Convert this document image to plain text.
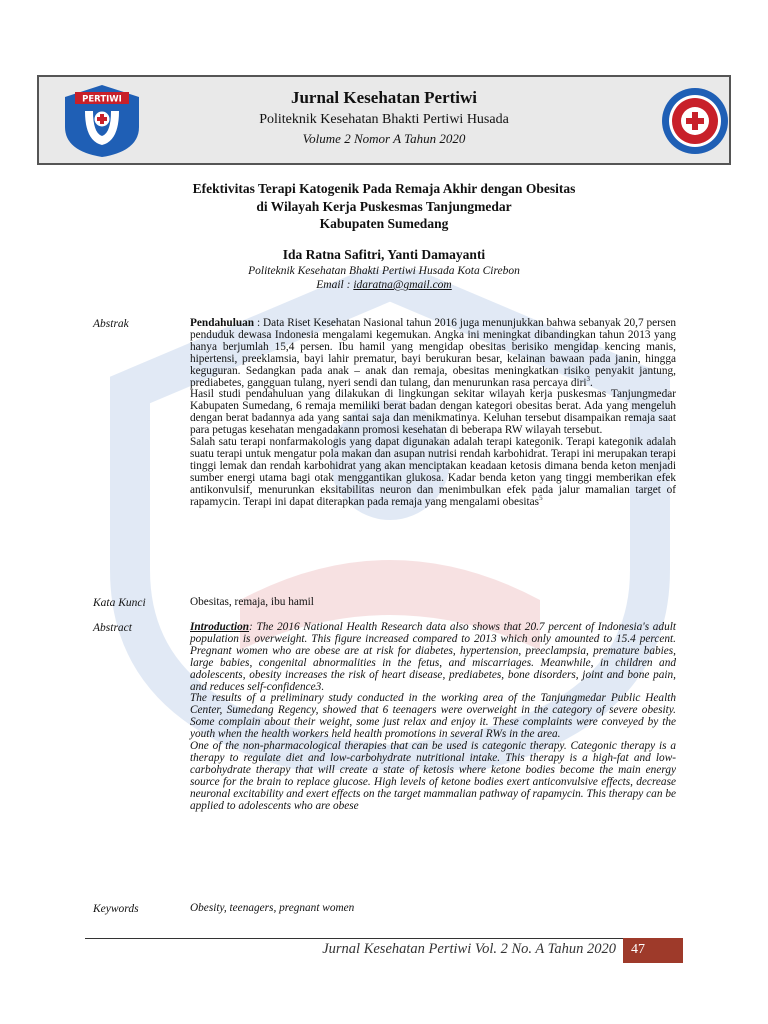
PERTIWI	Jurnal Kesehatan Pertiwi
Politeknik Kesehatan Bhakti Pertiwi Husada
Volume 2 Nomor A Tahun 2020
Efektivitas Terapi Katogenik Pada Remaja Akhir dengan Obesitas
di Wilayah Kerja Puskesmas Tanjungmedar
Kabupaten Sumedang
Ida Ratna Safitri, Yanti Damayanti
Politeknik Kesehatan Bhakti Pertiwi Husada Kota Cirebon
Email : idaratna@gmail.com
Abstrak	Pendahuluan : Data Riset Kesehatan Nasional tahun 2016 juga menunjukkan bahwa sebanyak 20,7 persen penduduk dewasa Indonesia mengalami kegemukan. Angka ini meningkat dibandingkan tahun 2013 yang hanya berjumlah 15,4 persen. Ibu hamil yang mengidap obesitas berisiko mengidap kencing manis, hipertensi, preeklamsia, bayi lahir prematur, bayi berukuran besar, kelainan bawaan pada janin, hingga keguguran. Sedangkan pada anak – anak dan remaja, obesitas meningkatkan risiko penyakit jantung, prediabetes, gangguan tulang, nyeri sendi dan tulang, dan menurunkan rasa percaya diri$^3$.

Hasil studi pendahuluan yang dilakukan di lingkungan sekitar wilayah kerja puskesmas Tanjungmedar Kabupaten Sumedang, 6 remaja memiliki berat badan dengan kategori obesitas berat. Ada yang mengeluh dengan berat badannya ada yang santai saja dan menikmatinya. Keluhan tersebut disampaikan remaja saat para petugas kesehatan mengadakann promosi kesehatan di beberapa RW wilayah tersebut.

Salah satu terapi nonfarmakologis yang dapat digunakan adalah terapi kategonik. Terapi kategonik adalah suatu terapi untuk mengatur pola makan dan asupan nutrisi rendah karbohidrat. Terapi ini merupakan terapi tinggi lemak dan rendah karbohidrat yang akan menciptakan keadaan ketosis dimana benda keton menjadi sumber energi utama bagi otak menggantikan glukosa. Kadar benda keton yang tinggi memberikan efek antikonvulsif, menurunkan eksitabilitas neuron dan menimbulkan efek pada jalur mamalian target of rapamycin. Terapi ini dapat diterapkan pada remaja yang mengalami obesitas$^5$

Kata Kunci	Obesitas, remaja, ibu hamil
Abstract	Introduction: The 2016 National Health Research data also shows that 20.7 percent of Indonesia's adult population is overweight. This figure increased compared to 2013 which only amounted to 15.4 percent. Pregnant women who are obese are at risk for diabetes, hypertension, preeclampsia, premature babies, large babies, congenital abnormalities in the fetus, and miscarriages. Meanwhile, in children and adolescents, obesity increases the risk of heart disease, prediabetes, bone disorders, joint and bone pain, and reduces self-confidence3.

The results of a preliminary study conducted in the working area of the Tanjungmedar Public Health Center, Sumedang Regency, showed that 6 teenagers were overweight in the category of severe obesity. Some complain about their weight, some just relax and enjoy it. These complaints were conveyed by the youth when the health workers held health promotions in several RWs in the area.

One of the non-pharmacological therapies that can be used is categonic therapy. Categonic therapy is a therapy to regulate diet and low-carbohydrate nutritional intake. This therapy is a high-fat and low-carbohydrate therapy that will create a state of ketosis where ketone bodies become the main energy source for the brain to replace glucose. High levels of ketone bodies exert anticonvulsive effects, decrease neuronal excitability and exert effects on the target mammalian pathway of rapamycin. This therapy can be applied to adolescents who are obese

Keywords	Obesity, teenagers, pregnant women
Jurnal Kesehatan Pertiwi Vol. 2 No. A Tahun 2020 47
